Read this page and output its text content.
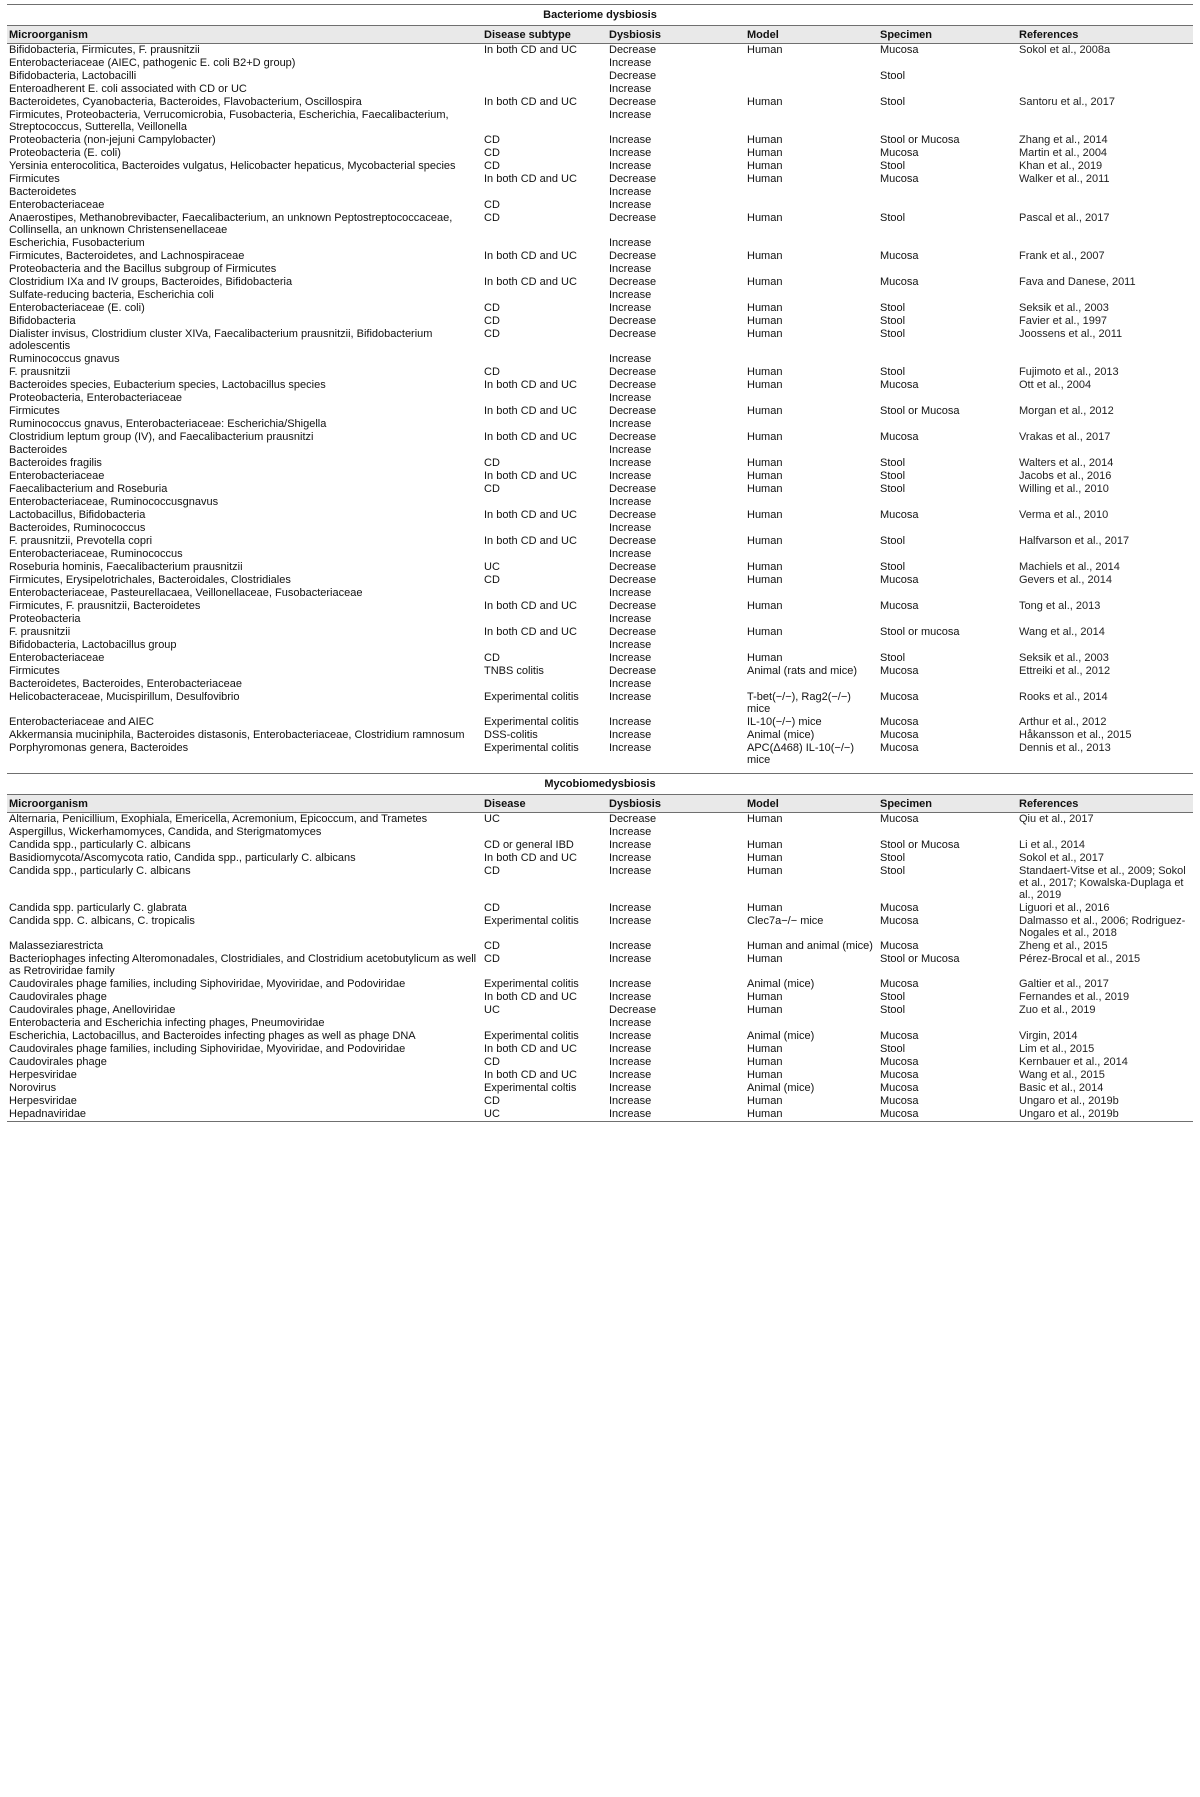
Bacteriome dysbiosis					
Microorganism	Disease subtype	Dysbiosis	Model	Specimen	References
Bifidobacteria, Firmicutes, F. prausnitzii	In both CD and UC	Decrease	Human	Mucosa	Sokol et al., 2008a
Enterobacteriaceae (AIEC, pathogenic E. coli B2+D group)		Increase			
Bifidobacteria, Lactobacilli		Decrease		Stool	
Enteroadherent E. coli associated with CD or UC		Increase			
Bacteroidetes, Cyanobacteria, Bacteroides, Flavobacterium, Oscillospira	In both CD and UC	Decrease	Human	Stool	Santoru et al., 2017
Firmicutes, Proteobacteria, Verrucomicrobia, Fusobacteria, Escherichia, Faecalibacterium, Streptococcus, Sutterella, Veillonella		Increase			
Proteobacteria (non-jejuni Campylobacter)	CD	Increase	Human	Stool or Mucosa	Zhang et al., 2014
Proteobacteria (E. coli)	CD	Increase	Human	Mucosa	Martin et al., 2004
Yersinia enterocolitica, Bacteroides vulgatus, Helicobacter hepaticus, Mycobacterial species	CD	Increase	Human	Stool	Khan et al., 2019
Firmicutes	In both CD and UC	Decrease	Human	Mucosa	Walker et al., 2011
Bacteroidetes		Increase			
Enterobacteriaceae	CD	Increase			
Anaerostipes, Methanobrevibacter, Faecalibacterium, an unknown Peptostreptococcaceae, Collinsella, an unknown Christensenellaceae	CD	Decrease	Human	Stool	Pascal et al., 2017
Escherichia, Fusobacterium		Increase			
Firmicutes, Bacteroidetes, and Lachnospiraceae	In both CD and UC	Decrease	Human	Mucosa	Frank et al., 2007
Proteobacteria and the Bacillus subgroup of Firmicutes		Increase			
Clostridium IXa and IV groups, Bacteroides, Bifidobacteria	In both CD and UC	Decrease	Human	Mucosa	Fava and Danese, 2011
Sulfate-reducing bacteria, Escherichia coli		Increase			
Enterobacteriaceae (E. coli)	CD	Increase	Human	Stool	Seksik et al., 2003
Bifidobacteria	CD	Decrease	Human	Stool	Favier et al., 1997
Dialister invisus, Clostridium cluster XIVa, Faecalibacterium prausnitzii, Bifidobacterium adolescentis	CD	Decrease	Human	Stool	Joossens et al., 2011
Ruminococcus gnavus		Increase			
F. prausnitzii	CD	Decrease	Human	Stool	Fujimoto et al., 2013
Bacteroides species, Eubacterium species, Lactobacillus species	In both CD and UC	Decrease	Human	Mucosa	Ott et al., 2004
Proteobacteria, Enterobacteriaceae		Increase			
Firmicutes	In both CD and UC	Decrease	Human	Stool or Mucosa	Morgan et al., 2012
Ruminococcus gnavus, Enterobacteriaceae: Escherichia/Shigella		Increase			
Clostridium leptum group (IV), and Faecalibacterium prausnitzi	In both CD and UC	Decrease	Human	Mucosa	Vrakas et al., 2017
Bacteroides		Increase			
Bacteroides fragilis	CD	Increase	Human	Stool	Walters et al., 2014
Enterobacteriaceae	In both CD and UC	Increase	Human	Stool	Jacobs et al., 2016
Faecalibacterium and Roseburia	CD	Decrease	Human	Stool	Willing et al., 2010
Enterobacteriaceae, Ruminococcusgnavus		Increase			
Lactobacillus, Bifidobacteria	In both CD and UC	Decrease	Human	Mucosa	Verma et al., 2010
Bacteroides, Ruminococcus		Increase			
F. prausnitzii, Prevotella copri	In both CD and UC	Decrease	Human	Stool	Halfvarson et al., 2017
Enterobacteriaceae, Ruminococcus		Increase			
Roseburia hominis, Faecalibacterium prausnitzii	UC	Decrease	Human	Stool	Machiels et al., 2014
Firmicutes, Erysipelotrichales, Bacteroidales, Clostridiales	CD	Decrease	Human	Mucosa	Gevers et al., 2014
Enterobacteriaceae, Pasteurellacaea, Veillonellaceae, Fusobacteriaceae		Increase			
Firmicutes, F. prausnitzii, Bacteroidetes	In both CD and UC	Decrease	Human	Mucosa	Tong et al., 2013
Proteobacteria		Increase			
F. prausnitzii	In both CD and UC	Decrease	Human	Stool or mucosa	Wang et al., 2014
Bifidobacteria, Lactobacillus group		Increase			
Enterobacteriaceae	CD	Increase	Human	Stool	Seksik et al., 2003
Firmicutes	TNBS colitis	Decrease	Animal (rats and mice)	Mucosa	Ettreiki et al., 2012
Bacteroidetes, Bacteroides, Enterobacteriaceae		Increase			
Helicobacteraceae, Mucispirillum, Desulfovibrio	Experimental colitis	Increase	T-bet(−/−), Rag2(−/−) mice	Mucosa	Rooks et al., 2014
Enterobacteriaceae and AIEC	Experimental colitis	Increase	IL-10(−/−) mice	Mucosa	Arthur et al., 2012
Akkermansia muciniphila, Bacteroides distasonis, Enterobacteriaceae, Clostridium ramnosum	DSS-colitis	Increase	Animal (mice)	Mucosa	Håkansson et al., 2015
Porphyromonas genera, Bacteroides	Experimental colitis	Increase	APC(Δ468) IL-10(−/−) mice	Mucosa	Dennis et al., 2013

Mycobiomedysbiosis					
Microorganism	Disease	Dysbiosis	Model	Specimen	References
Alternaria, Penicillium, Exophiala, Emericella, Acremonium, Epicoccum, and Trametes	UC	Decrease	Human	Mucosa	Qiu et al., 2017
Aspergillus, Wickerhamomyces, Candida, and Sterigmatomyces		Increase			
Candida spp., particularly C. albicans	CD or general IBD	Increase	Human	Stool or Mucosa	Li et al., 2014
Basidiomycota/Ascomycota ratio, Candida spp., particularly C. albicans	In both CD and UC	Increase	Human	Stool	Sokol et al., 2017
Candida spp., particularly C. albicans	CD	Increase	Human	Stool	Standaert-Vitse et al., 2009; Sokol et al., 2017; Kowalska-Duplaga et al., 2019
Candida spp. particularly C. glabrata	CD	Increase	Human	Mucosa	Liguori et al., 2016
Candida spp. C. albicans, C. tropicalis	Experimental colitis	Increase	Clec7a−/− mice	Mucosa	Dalmasso et al., 2006; Rodriguez-Nogales et al., 2018
Malasseziarestricta	CD	Increase	Human and animal (mice)	Mucosa	Zheng et al., 2015
Bacteriophages infecting Alteromonadales, Clostridiales, and Clostridium acetobutylicum as well as Retroviridae family	CD	Increase	Human	Stool or Mucosa	Pérez-Brocal et al., 2015
Caudovirales phage families, including Siphoviridae, Myoviridae, and Podoviridae	Experimental colitis	Increase	Animal (mice)	Mucosa	Galtier et al., 2017
Caudovirales phage	In both CD and UC	Increase	Human	Stool	Fernandes et al., 2019
Caudovirales phage, Anelloviridae	UC	Decrease	Human	Stool	Zuo et al., 2019
Enterobacteria and Escherichia infecting phages, Pneumoviridae		Increase			
Escherichia, Lactobacillus, and Bacteroides infecting phages as well as phage DNA	Experimental colitis	Increase	Animal (mice)	Mucosa	Virgin, 2014
Caudovirales phage families, including Siphoviridae, Myoviridae, and Podoviridae	In both CD and UC	Increase	Human	Stool	Lim et al., 2015
Caudovirales phage	CD	Increase	Human	Mucosa	Kernbauer et al., 2014
Herpesviridae	In both CD and UC	Increase	Human	Mucosa	Wang et al., 2015
Norovirus	Experimental coltis	Increase	Animal (mice)	Mucosa	Basic et al., 2014
Herpesviridae	CD	Increase	Human	Mucosa	Ungaro et al., 2019b
Hepadnaviridae	UC	Increase	Human	Mucosa	Ungaro et al., 2019b
